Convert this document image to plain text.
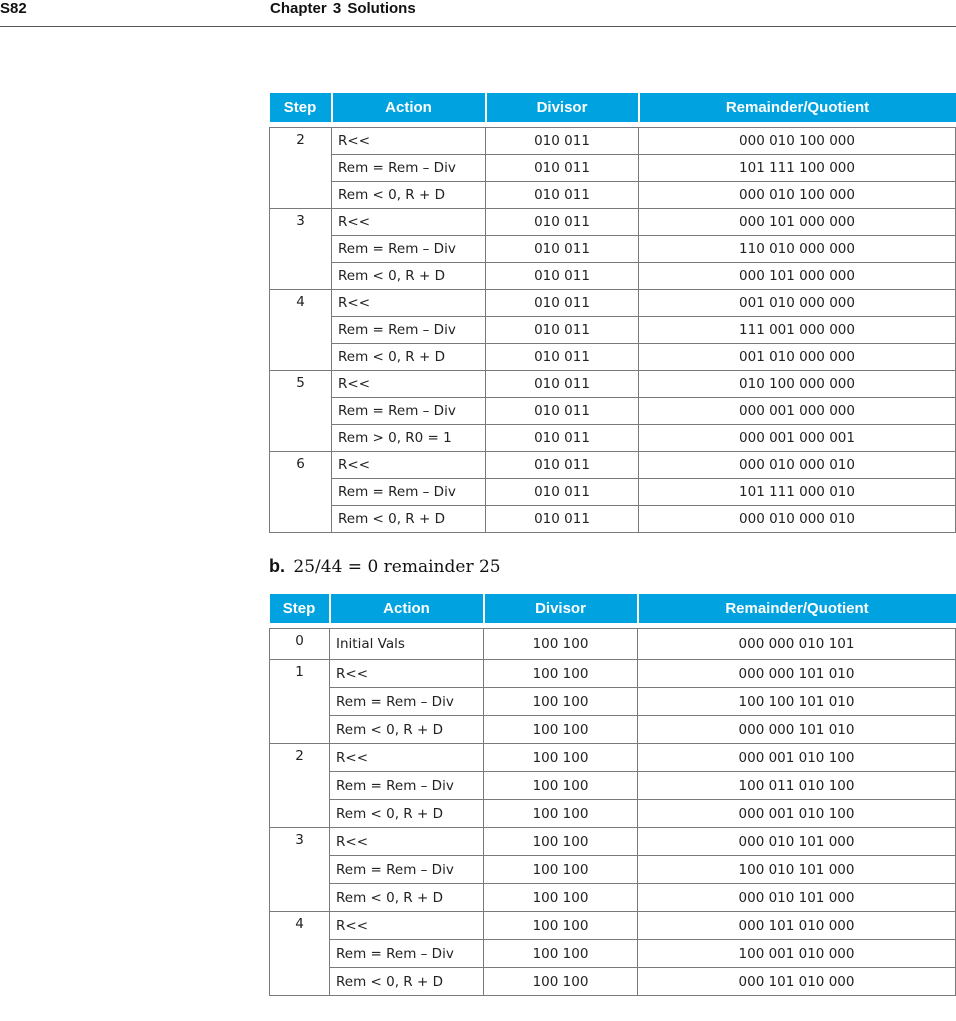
S82	Chapter 3 Solutions
Step	Action	Divisor	Remainder/Quotient

2	R<<	010 011	000 010 100 000
	Rem = Rem – Div	010 011	101 111 100 000
	Rem < 0, R + D	010 011	000 010 100 000
3	R<<	010 011	000 101 000 000
	Rem = Rem – Div	010 011	110 010 000 000
	Rem < 0, R + D	010 011	000 101 000 000
4	R<<	010 011	001 010 000 000
	Rem = Rem – Div	010 011	111 001 000 000
	Rem < 0, R + D	010 011	001 010 000 000
5	R<<	010 011	010 100 000 000
	Rem = Rem – Div	010 011	000 001 000 000
	Rem > 0, R0 = 1	010 011	000 001 000 001
6	R<<	010 011	000 010 000 010
	Rem = Rem – Div	010 011	101 111 000 010
	Rem < 0, R + D	010 011	000 010 000 010
b. 25/44 = 0 remainder 25
Step	Action	Divisor	Remainder/Quotient

0	Initial Vals	100 100	000 000 010 101
1	R<<	100 100	000 000 101 010
	Rem = Rem – Div	100 100	100 100 101 010
	Rem < 0, R + D	100 100	000 000 101 010
2	R<<	100 100	000 001 010 100
	Rem = Rem – Div	100 100	100 011 010 100
	Rem < 0, R + D	100 100	000 001 010 100
3	R<<	100 100	000 010 101 000
	Rem = Rem – Div	100 100	100 010 101 000
	Rem < 0, R + D	100 100	000 010 101 000
4	R<<	100 100	000 101 010 000
	Rem = Rem – Div	100 100	100 001 010 000
	Rem < 0, R + D	100 100	000 101 010 000
